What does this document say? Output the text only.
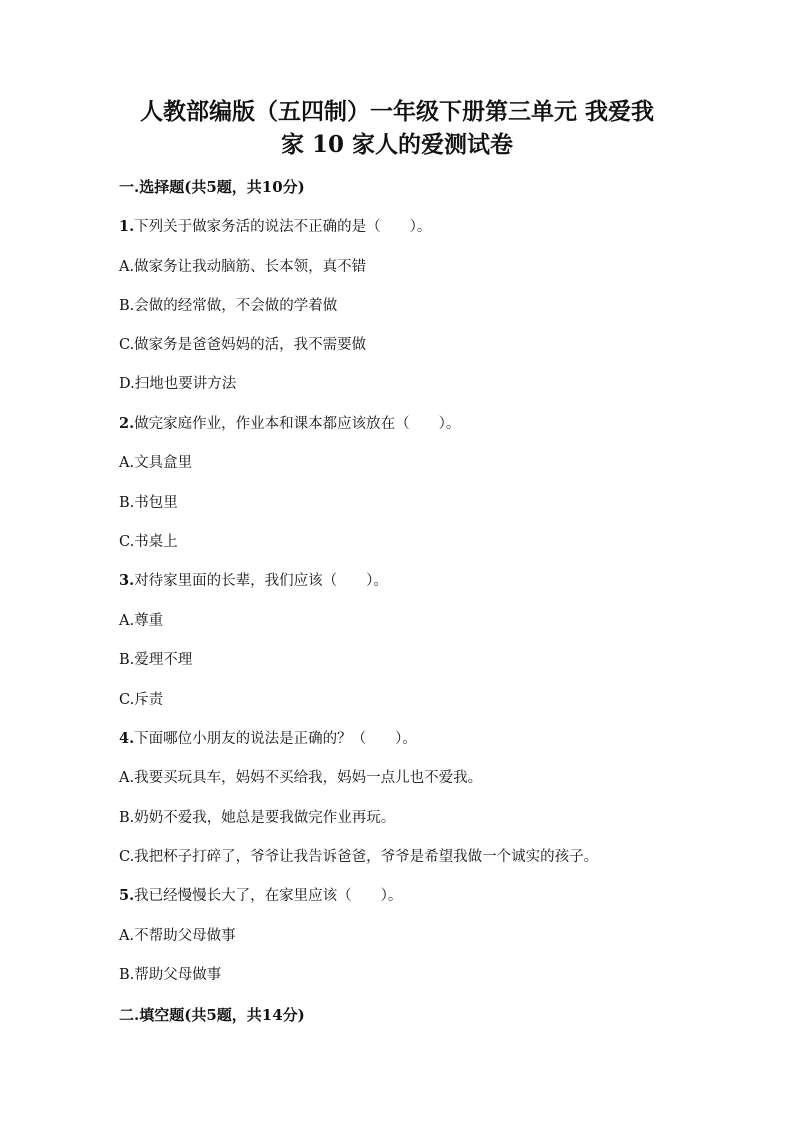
人教部编版（五四制）一年级下册第三单元 我爱我
家 10 家人的爱测试卷
一.选择题(共5题，共10分)
1.下列关于做家务活的说法不正确的是（　　）。
A.做家务让我动脑筋、长本领，真不错
B.会做的经常做，不会做的学着做
C.做家务是爸爸妈妈的活，我不需要做
D.扫地也要讲方法
2.做完家庭作业，作业本和课本都应该放在（　　）。
A.文具盒里
B.书包里
C.书桌上
3.对待家里面的长辈，我们应该（　　）。
A.尊重
B.爱理不理
C.斥责
4.下面哪位小朋友的说法是正确的？（　　）。
A.我要买玩具车，妈妈不买给我，妈妈一点儿也不爱我。
B.奶奶不爱我，她总是要我做完作业再玩。
C.我把杯子打碎了，爷爷让我告诉爸爸，爷爷是希望我做一个诚实的孩子。
5.我已经慢慢长大了，在家里应该（　　）。
A.不帮助父母做事
B.帮助父母做事
二.填空题(共5题，共14分)
